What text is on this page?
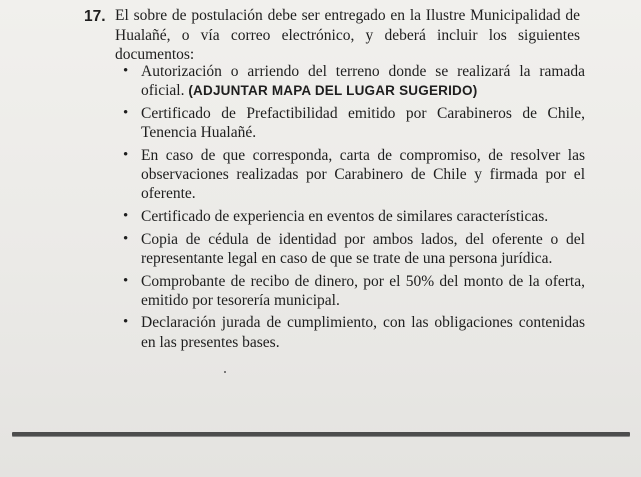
17. El sobre de postulación debe ser entregado en la Ilustre Municipalidad de Hualañé, o vía correo electrónico, y deberá incluir los siguientes documentos:
• Autorización o arriendo del terreno donde se realizará la ramada oficial. (ADJUNTAR MAPA DEL LUGAR SUGERIDO)
• Certificado de Prefactibilidad emitido por Carabineros de Chile, Tenencia Hualañé.
• En caso de que corresponda, carta de compromiso, de resolver las observaciones realizadas por Carabinero de Chile y firmada por el oferente.
• Certificado de experiencia en eventos de similares características.
• Copia de cédula de identidad por ambos lados, del oferente o del representante legal en caso de que se trate de una persona jurídica.
• Comprobante de recibo de dinero, por el 50% del monto de la oferta, emitido por tesorería municipal.
• Declaración jurada de cumplimiento, con las obligaciones contenidas en las presentes bases.
